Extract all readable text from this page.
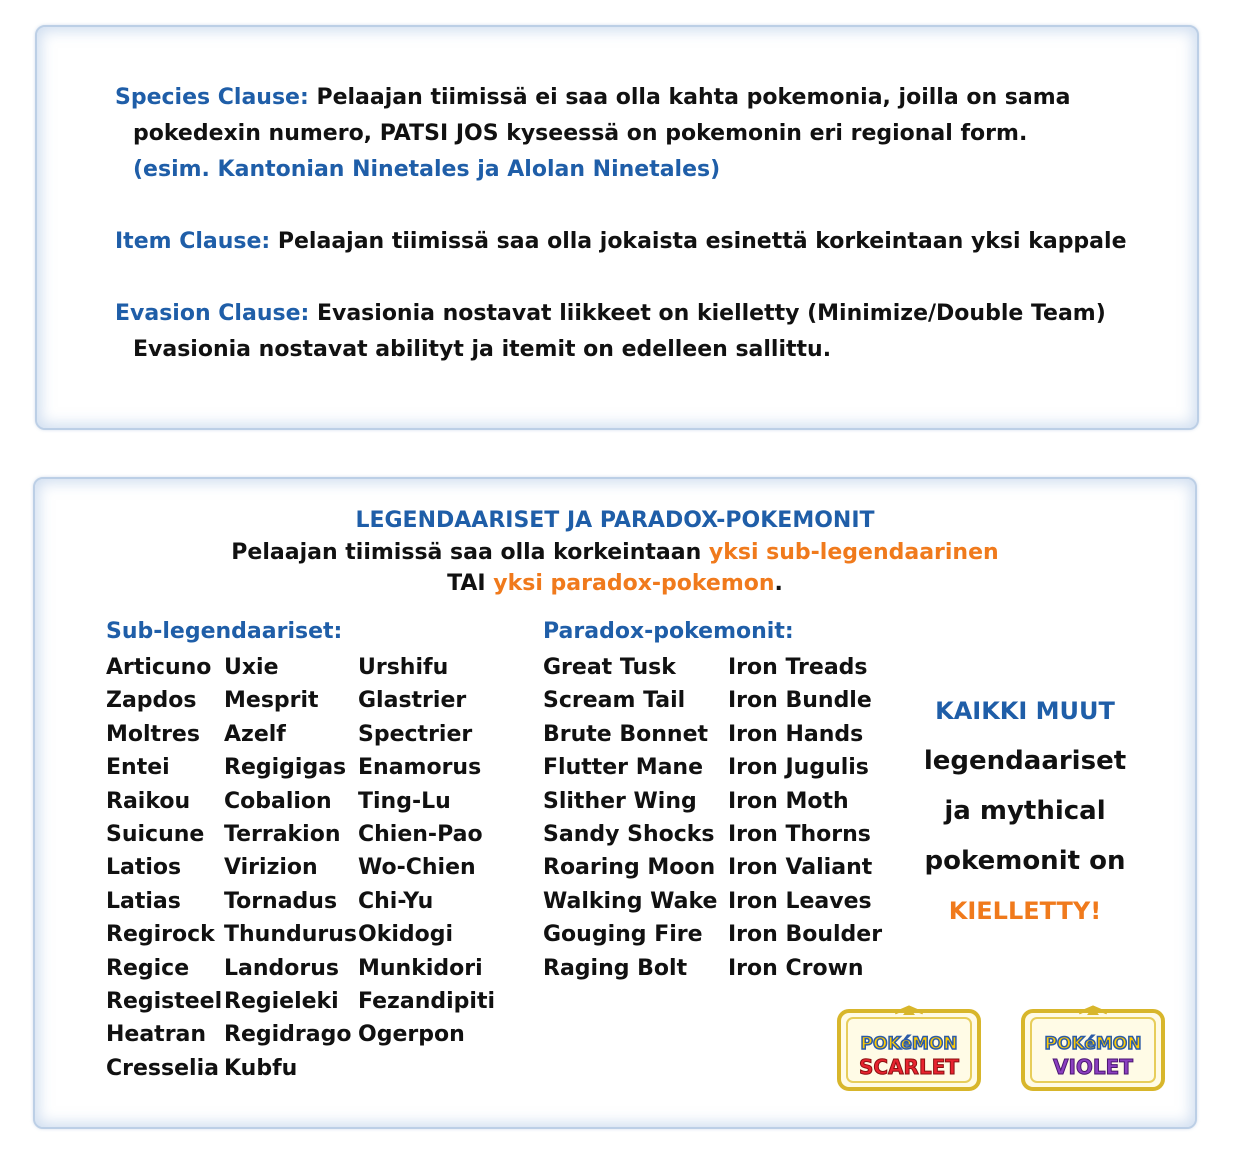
Species Clause: Pelaajan tiimissä ei saa olla kahta pokemonia, joilla on sama
pokedexin numero, PATSI JOS kyseessä on pokemonin eri regional form.
(esim. Kantonian Ninetales ja Alolan Ninetales)
Item Clause: Pelaajan tiimissä saa olla jokaista esinettä korkeintaan yksi kappale
Evasion Clause: Evasionia nostavat liikkeet on kielletty (Minimize/Double Team)
Evasionia nostavat abilityt ja itemit on edelleen sallittu.
LEGENDAARISET JA PARADOX-POKEMONIT
Pelaajan tiimissä saa olla korkeintaan yksi sub-legendaarinen
TAI yksi paradox-pokemon.
Sub-legendaariset:
Articuno
Zapdos
Moltres
Entei
Raikou
Suicune
Latios
Latias
Regirock
Regice
Registeel
Heatran
Cresselia
Uxie
Mesprit
Azelf
Regigigas
Cobalion
Terrakion
Virizion
Tornadus
Thundurus
Landorus
Regieleki
Regidrago
Kubfu
Urshifu
Glastrier
Spectrier
Enamorus
Ting-Lu
Chien-Pao
Wo-Chien
Chi-Yu
Okidogi
Munkidori
Fezandipiti
Ogerpon
Paradox-pokemonit:
Great Tusk
Scream Tail
Brute Bonnet
Flutter Mane
Slither Wing
Sandy Shocks
Roaring Moon
Walking Wake
Gouging Fire
Raging Bolt
Iron Treads
Iron Bundle
Iron Hands
Iron Jugulis
Iron Moth
Iron Thorns
Iron Valiant
Iron Leaves
Iron Boulder
Iron Crown
KAIKKI MUUT
legendaariset
ja mythical
pokemonit on
KIELLETTY!
POKéMON
SCARLET
POKéMON
VIOLET
